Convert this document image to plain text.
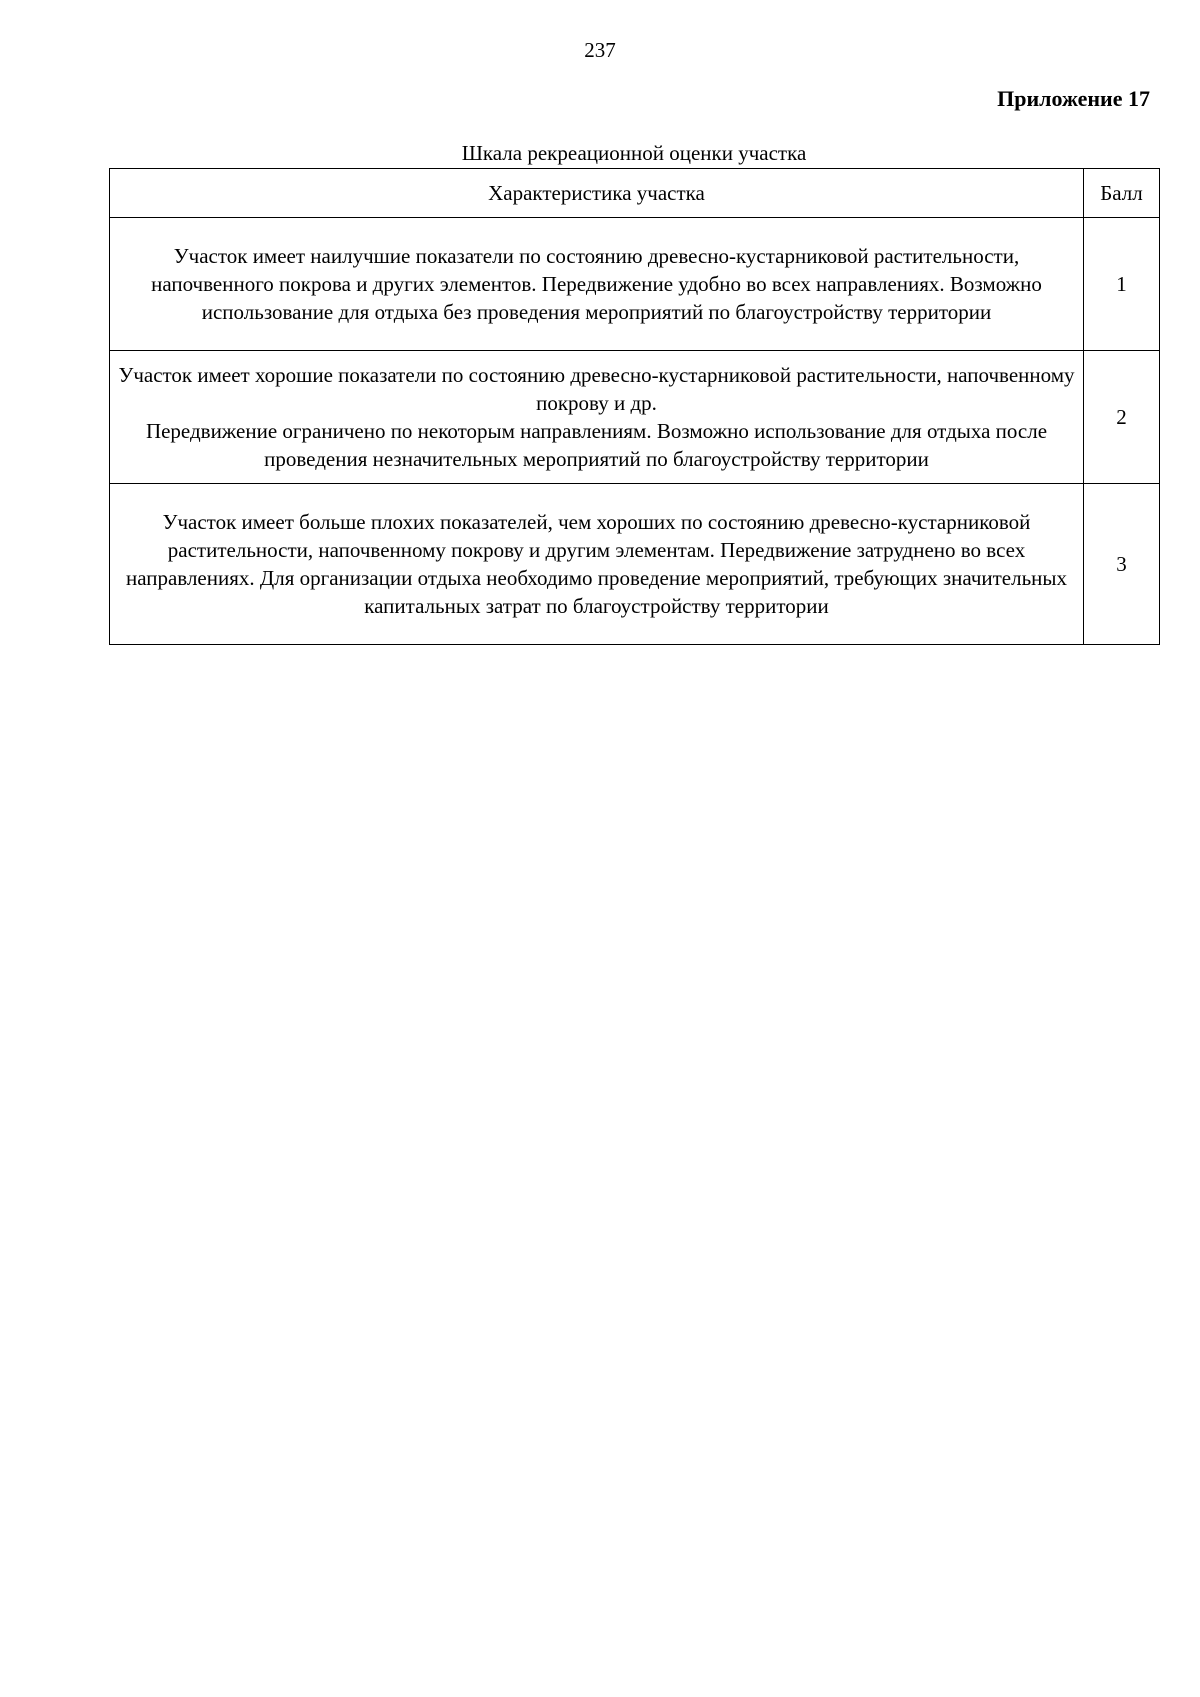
237
Приложение 17
Шкала рекреационной оценки участка
Характеристика участка	Балл

Участок имеет наилучшие показатели по состоянию древесно-кустарниковой растительности, напочвенного покрова и других элементов. Передвижение удобно во всех направлениях. Возможно использование для отдыха без проведения мероприятий по благоустройству территории	1

Участок имеет хорошие показатели по состоянию древесно-кустарниковой растительности, напочвенному покрову и др.
Передвижение ограничено по некоторым направлениям. Возможно использование для отдыха после проведения незначительных мероприятий по благоустройству территории	2

Участок имеет больше плохих показателей, чем хороших по состоянию древесно-кустарниковой растительности, напочвенному покрову и другим элементам. Передвижение затруднено во всех направлениях. Для организации отдыха необходимо проведение мероприятий, требующих значительных капитальных затрат по благоустройству территории	3
